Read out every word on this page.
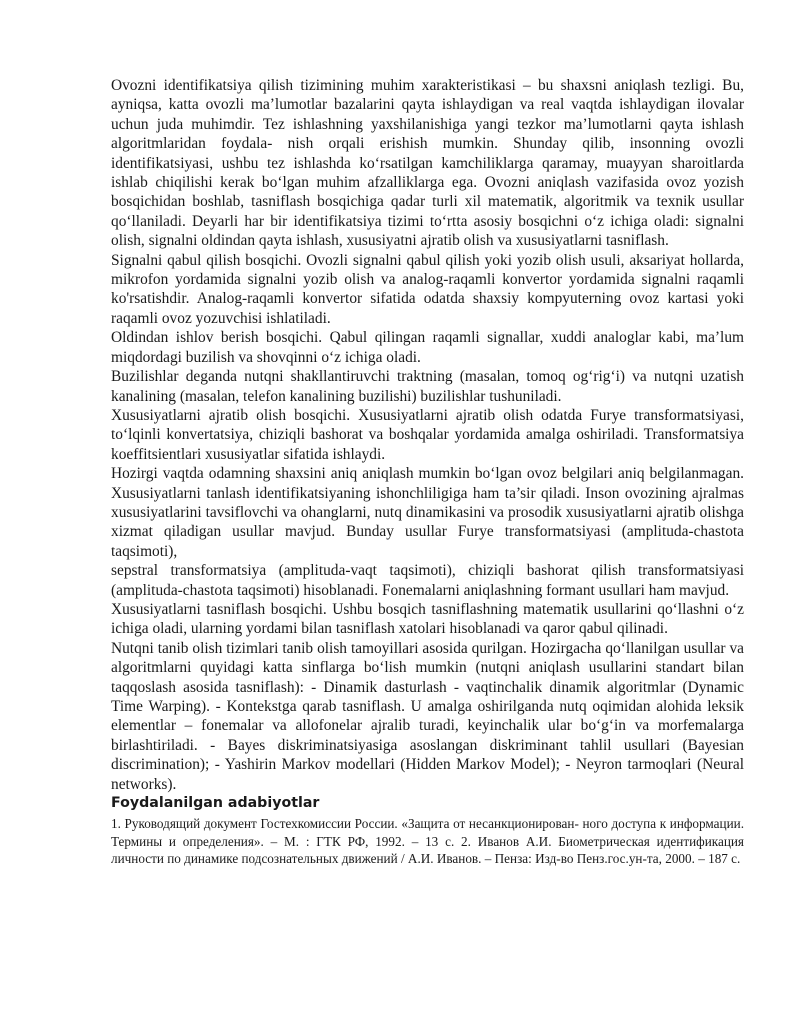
Ovozni identifikatsiya qilish tizimining muhim xarakteristikasi – bu shaxsni aniqlash tezligi. Bu, ayniqsa, katta ovozli ma’lumotlar bazalarini qayta ishlaydigan va real vaqtda ishlaydigan ilovalar uchun juda muhimdir. Tez ishlashning yaxshilanishiga yangi tezkor ma’lumotlarni qayta ishlash algoritmlaridan foydala- nish orqali erishish mumkin. Shunday qilib, insonning ovozli identifikatsiyasi, ushbu tez ishlashda ko‘rsatilgan kamchiliklarga qaramay, muayyan sharoitlarda ishlab chiqilishi kerak bo‘lgan muhim afzalliklarga ega. Ovozni aniqlash vazifasida ovoz yozish bosqichidan boshlab, tasniflash bosqichiga qadar turli xil matematik, algoritmik va texnik usullar qo‘llaniladi. Deyarli har bir identifikatsiya tizimi to‘rtta asosiy bosqichni o‘z ichiga oladi: signalni olish, signalni oldindan qayta ishlash, xususiyatni ajratib olish va xususiyatlarni tasniflash.

Signalni qabul qilish bosqichi. Ovozli signalni qabul qilish yoki yozib olish usuli, aksariyat hollarda, mikrofon yordamida signalni yozib olish va analog-raqamli konvertor yordamida signalni raqamli ko'rsatishdir. Analog-raqamli konvertor sifatida odatda shaxsiy kompyuterning ovoz kartasi yoki raqamli ovoz yozuvchisi ishlatiladi.

Oldindan ishlov berish bosqichi. Qabul qilingan raqamli signallar, xuddi analoglar kabi, ma’lum miqdordagi buzilish va shovqinni o‘z ichiga oladi.

Buzilishlar deganda nutqni shakllantiruvchi traktning (masalan, tomoq og‘rig‘i) va nutqni uzatish kanalining (masalan, telefon kanalining buzilishi) buzilishlar tushuniladi.

Xususiyatlarni ajratib olish bosqichi. Xususiyatlarni ajratib olish odatda Furye transformatsiyasi, to‘lqinli konvertatsiya, chiziqli bashorat va boshqalar yordamida amalga oshiriladi. Transformatsiya koeffitsientlari xususiyatlar sifatida ishlaydi.

Hozirgi vaqtda odamning shaxsini aniq aniqlash mumkin bo‘lgan ovoz belgilari aniq belgilanmagan. Xususiyatlarni tanlash identifikatsiyaning ishonchliligiga ham ta’sir qiladi. Inson ovozining ajralmas xususiyatlarini tavsiflovchi va ohanglarni, nutq dinamikasini va prosodik xususiyatlarni ajratib olishga xizmat qiladigan usullar mavjud. Bunday usullar Furye transformatsiyasi (amplituda-chastota taqsimoti),

sepstral transformatsiya (amplituda-vaqt taqsimoti), chiziqli bashorat qilish transformatsiyasi (amplituda-chastota taqsimoti) hisoblanadi. Fonemalarni aniqlashning formant usullari ham mavjud.

Xususiyatlarni tasniflash bosqichi. Ushbu bosqich tasniflashning matematik usullarini qo‘llashni o‘z ichiga oladi, ularning yordami bilan tasniflash xatolari hisoblanadi va qaror qabul qilinadi.

Nutqni tanib olish tizimlari tanib olish tamoyillari asosida qurilgan. Hozirgacha qo‘llanilgan usullar va algoritmlarni quyidagi katta sinflarga bo‘lish mumkin (nutqni aniqlash usullarini standart bilan taqqoslash asosida tasniflash): - Dinamik dasturlash - vaqtinchalik dinamik algoritmlar (Dynamic Time Warping). - Kontekstga qarab tasniflash. U amalga oshirilganda nutq oqimidan alohida leksik elementlar – fonemalar va allofonelar ajralib turadi, keyinchalik ular bo‘g‘in va morfemalarga birlashtiriladi. - Bayes diskriminatsiyasiga asoslangan diskriminant tahlil usullari (Bayesian discrimination); - Yashirin Markov modellari (Hidden Markov Model); - Neyron tarmoqlari (Neural networks).

Foydalanilgan adabiyotlar

1. Руководящий документ Гостехкомиссии России. «Защита от несанкционирован- ного доступа к информации. Термины и определения». – М. : ГТК РФ, 1992. – 13 с. 2. Иванов А.И. Биометрическая идентификация личности по динамике подсознательных движений / А.И. Иванов. – Пенза: Изд-во Пенз.гос.ун-та, 2000. – 187 с.
